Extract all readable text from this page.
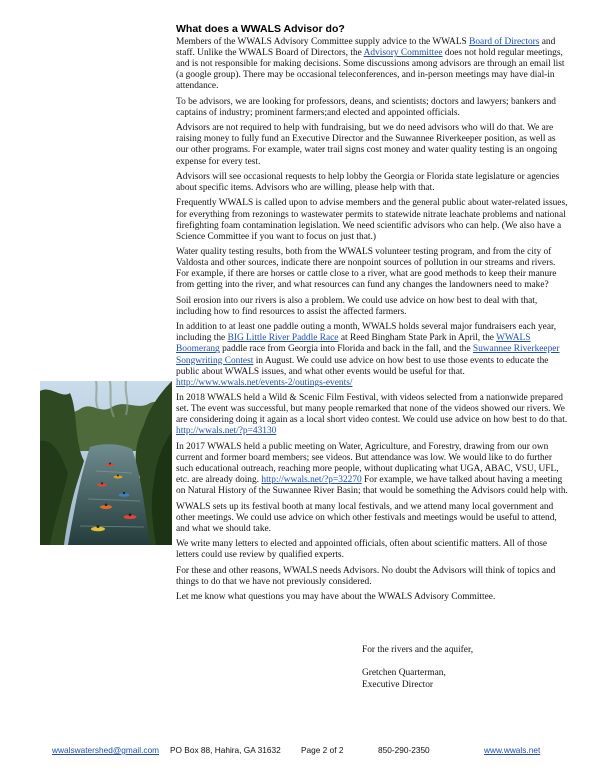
What does a WWALS Advisor do?

Members of the WWALS Advisory Committee supply advice to the WWALS Board of Directors and staff. Unlike the WWALS Board of Directors, the Advisory Committee does not hold regular meetings, and is not responsible for making decisions. Some discussions among advisors are through an email list (a google group). There may be occasional teleconferences, and in-person meetings may have dial-in attendance.

To be advisors, we are looking for professors, deans, and scientists; doctors and lawyers; bankers and captains of industry; prominent farmers;and elected and appointed officials.

Advisors are not required to help with fundraising, but we do need advisors who will do that. We are raising money to fully fund an Executive Director and the Suwannee Riverkeeper position, as well as our other programs. For example, water trail signs cost money and water quality testing is an ongoing expense for every test.

Advisors will see occasional requests to help lobby the Georgia or Florida state legislature or agencies about specific items. Advisors who are willing, please help with that.

Frequently WWALS is called upon to advise members and the general public about water-related issues, for everything from rezonings to wastewater permits to statewide nitrate leachate problems and national firefighting foam contamination legislation. We need scientific advisors who can help. (We also have a Science Committee if you want to focus on just that.)

Water quality testing results, both from the WWALS volunteer testing program, and from the city of Valdosta and other sources, indicate there are nonpoint sources of pollution in our streams and rivers. For example, if there are horses or cattle close to a river, what are good methods to keep their manure from getting into the river, and what resources can fund any changes the landowners need to make?

Soil erosion into our rivers is also a problem. We could use advice on how best to deal with that, including how to find resources to assist the affected farmers.

In addition to at least one paddle outing a month, WWALS holds several major fundraisers each year, including the BIG Little River Paddle Race at Reed Bingham State Park in April, the WWALS Boomerang paddle race from Georgia into Florida and back in the fall, and the Suwannee Riverkeeper Songwriting Contest in August. We could use advice on how best to use those events to educate the public about WWALS issues, and what other events would be useful for that. http://www.wwals.net/events-2/outings-events/

In 2018 WWALS held a Wild & Scenic Film Festival, with videos selected from a nationwide prepared set. The event was successful, but many people remarked that none of the videos showed our rivers. We are considering doing it again as a local short video contest. We could use advice on how best to do that. http://wwals.net/?p=43130

In 2017 WWALS held a public meeting on Water, Agriculture, and Forestry, drawing from our own current and former board members; see videos. But attendance was low. We would like to do further such educational outreach, reaching more people, without duplicating what UGA, ABAC, VSU, UFL, etc. are already doing. http://wwals.net/?p=32270 For example, we have talked about having a meeting on Natural History of the Suwannee River Basin; that would be something the Advisors could help with.

WWALS sets up its festival booth at many local festivals, and we attend many local government and other meetings. We could use advice on which other festivals and meetings would be useful to attend, and what we should take.

We write many letters to elected and appointed officials, often about scientific matters. All of those letters could use review by qualified experts.

For these and other reasons, WWALS needs Advisors. No doubt the Advisors will think of topics and things to do that we have not previously considered.

Let me know what questions you may have about the WWALS Advisory Committee.

For the rivers and the aquifer,
Gretchen Quarterman,
Executive Director
wwalswatershed@gmail.com PO Box 88, Hahira, GA 31632 Page 2 of 2	850-290-2350	www.wwals.net
